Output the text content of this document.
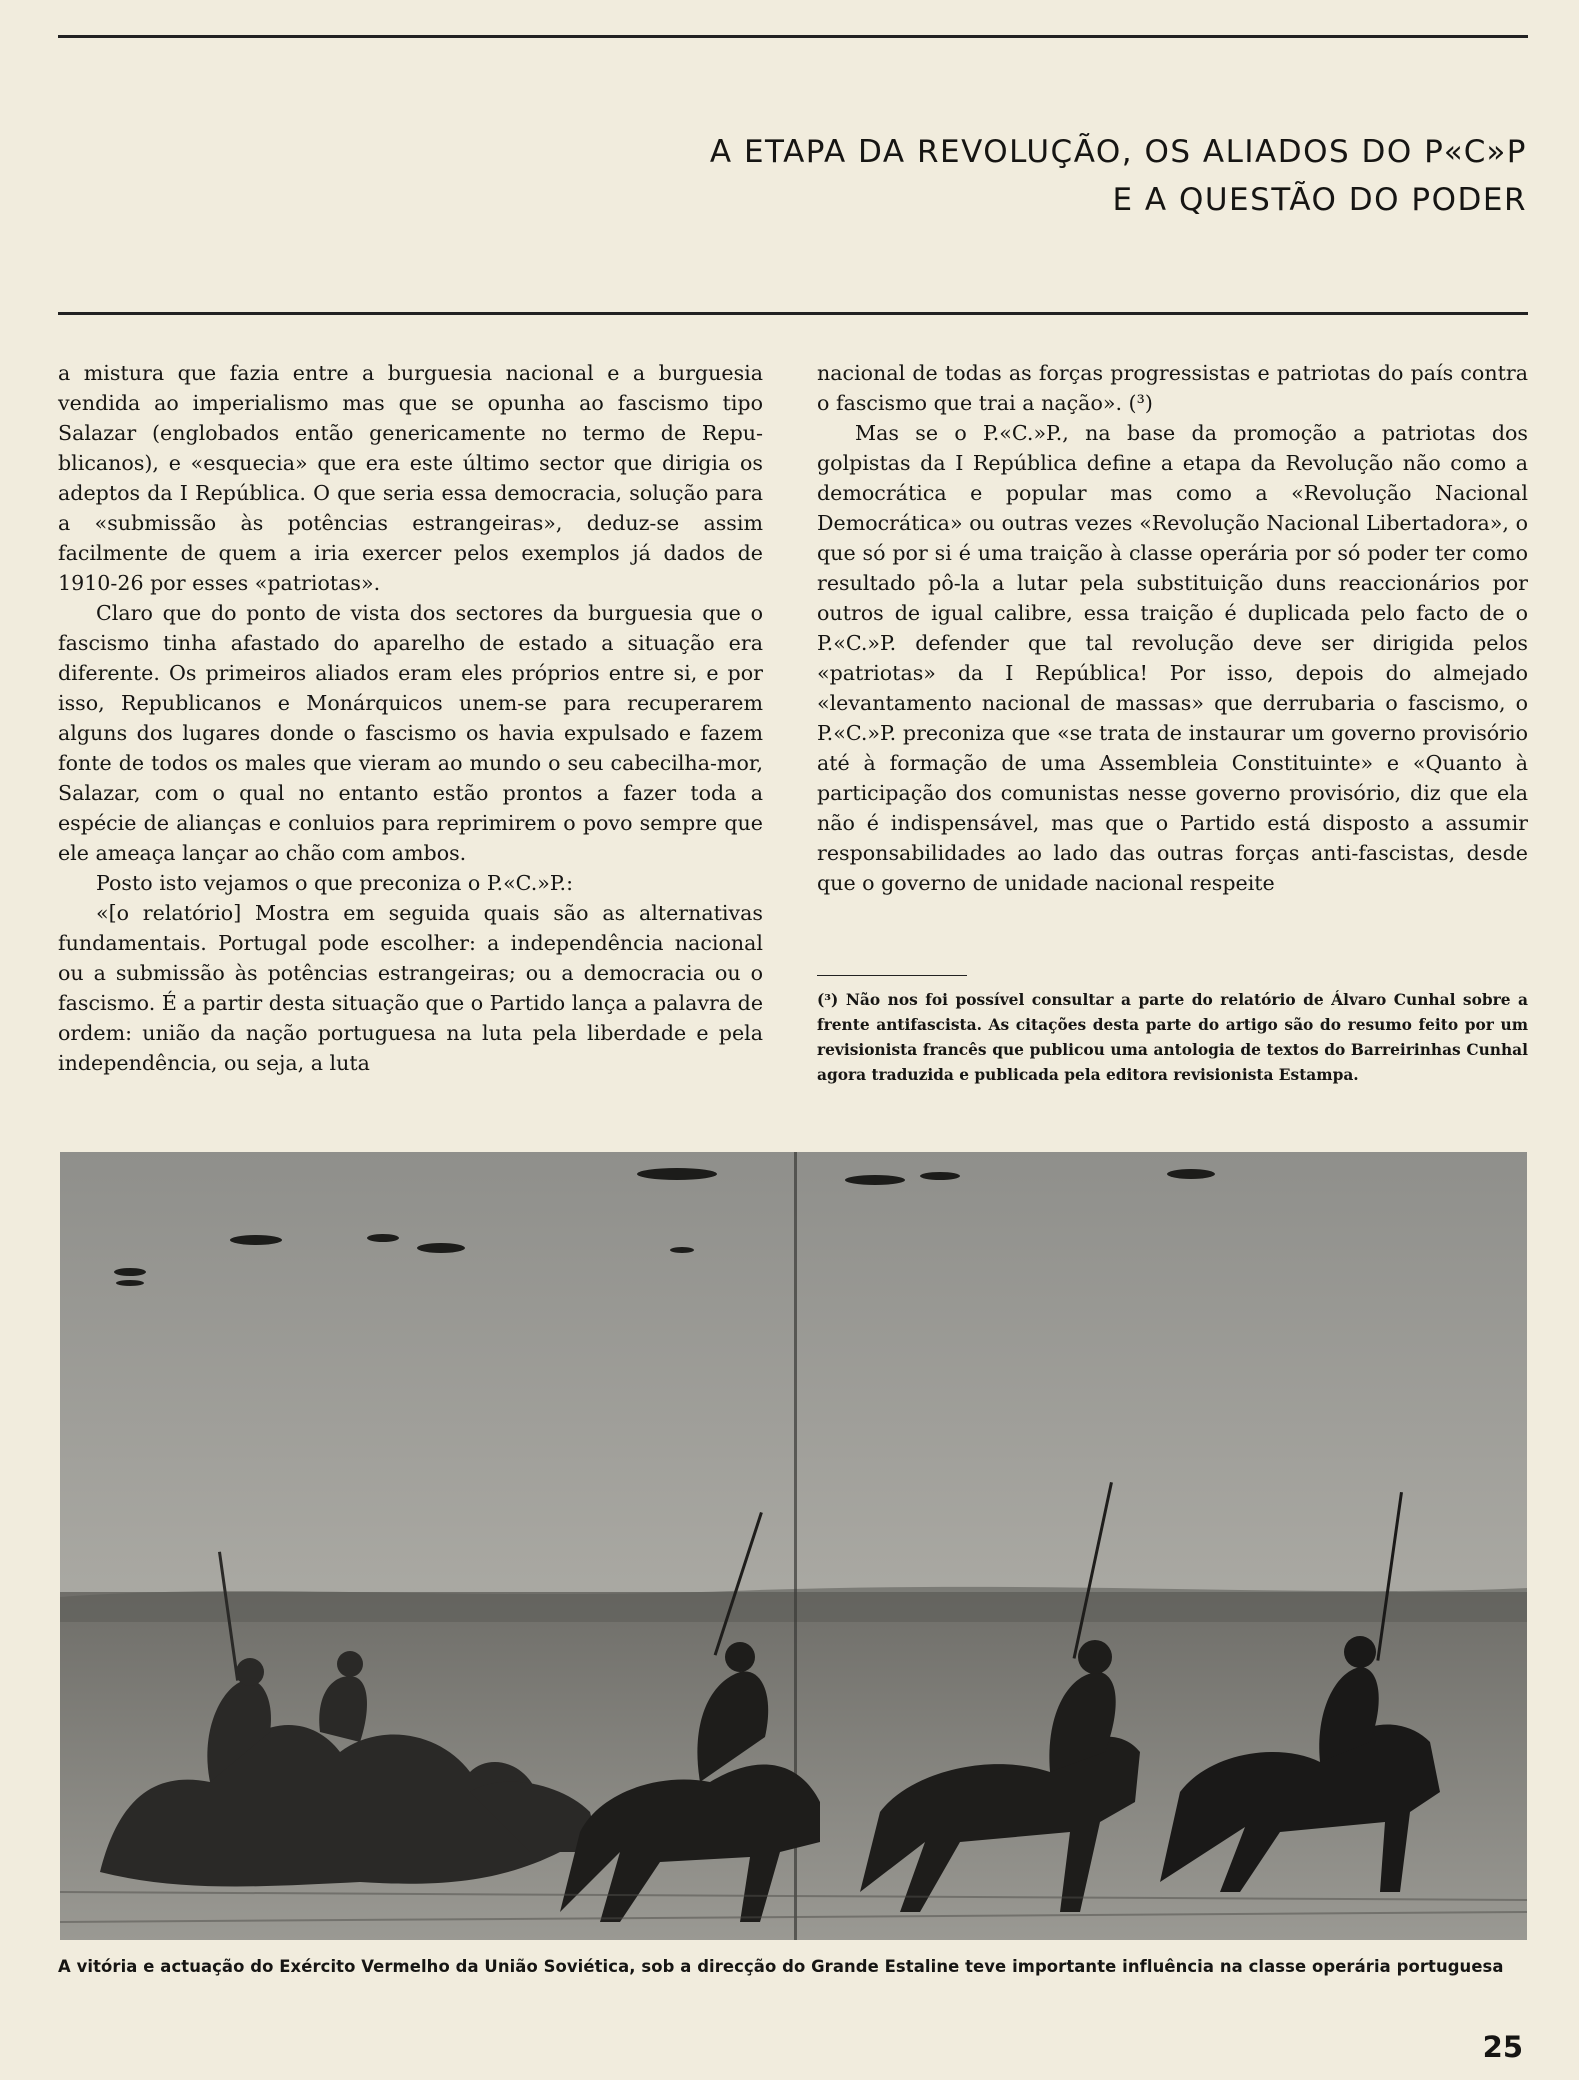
A ETAPA DA REVOLUÇÃO, OS ALIADOS DO P«C»P
E A QUESTÃO DO PODER

a mistura que fazia entre a burguesia nacional e a burguesia vendida ao imperialismo mas que se opunha ao fascismo tipo Salazar (englobados então genericamente no termo de Republicanos), e «esquecia» que era este último sector que dirigia os adeptos da I República. O que seria essa democracia, solução para a «submissão às potências estrangeiras», deduz-se assim facilmente de quem a iria exercer pelos exemplos já dados de 1910-26 por esses «patriotas».

Claro que do ponto de vista dos sectores da burguesia que o fascismo tinha afastado do aparelho de estado a situação era diferente. Os primeiros aliados eram eles próprios entre si, e por isso, Republicanos e Monárquicos unem-se para recuperarem alguns dos lugares donde o fascismo os havia expulsado e fazem fonte de todos os males que vieram ao mundo o seu cabecilha-mor, Salazar, com o qual no entanto estão prontos a fazer toda a espécie de alianças e conluios para reprimirem o povo sempre que ele ameaça lançar ao chão com ambos.

Posto isto vejamos o que preconiza o P.«C.»P.:

«[o relatório] Mostra em seguida quais são as alternativas fundamentais. Portugal pode escolher: a independência nacional ou a submissão às potências estrangeiras; ou a democracia ou o fascismo. É a partir desta situação que o Partido lança a palavra de ordem: união da nação portuguesa na luta pela liberdade e pela independência, ou seja, a luta

nacional de todas as forças progressistas e patriotas do país contra o fascismo que trai a nação». (³)

Mas se o P.«C.»P., na base da promoção a patriotas dos golpistas da I República define a etapa da Revolução não como a democrática e popular mas como a «Revolução Nacional Democrática» ou outras vezes «Revolução Nacional Libertadora», o que só por si é uma traição à classe operária por só poder ter como resultado pô-la a lutar pela substituição duns reaccionários por outros de igual calibre, essa traição é duplicada pelo facto de o P.«C.»P. defender que tal revolução deve ser dirigida pelos «patriotas» da I República! Por isso, depois do almejado «levantamento nacional de massas» que derrubaria o fascismo, o P.«C.»P. preconiza que «se trata de instaurar um governo provisório até à formação de uma Assembleia Constituinte» e «Quanto à participação dos comunistas nesse governo provisório, diz que ela não é indispensável, mas que o Partido está disposto a assumir responsabilidades ao lado das outras forças anti-fascistas, desde que o governo de unidade nacional respeite

(³) Não nos foi possível consultar a parte do relatório de Álvaro Cunhal sobre a frente antifascista. As citações desta parte do artigo são do resumo feito por um revisionista francês que publicou uma antologia de textos do Barreirinhas Cunhal agora traduzida e publicada pela editora revisionista Estampa.
A vitória e actuação do Exército Vermelho da União Soviética, sob a direcção do Grande Estaline teve importante influência na classe operária portuguesa
25
